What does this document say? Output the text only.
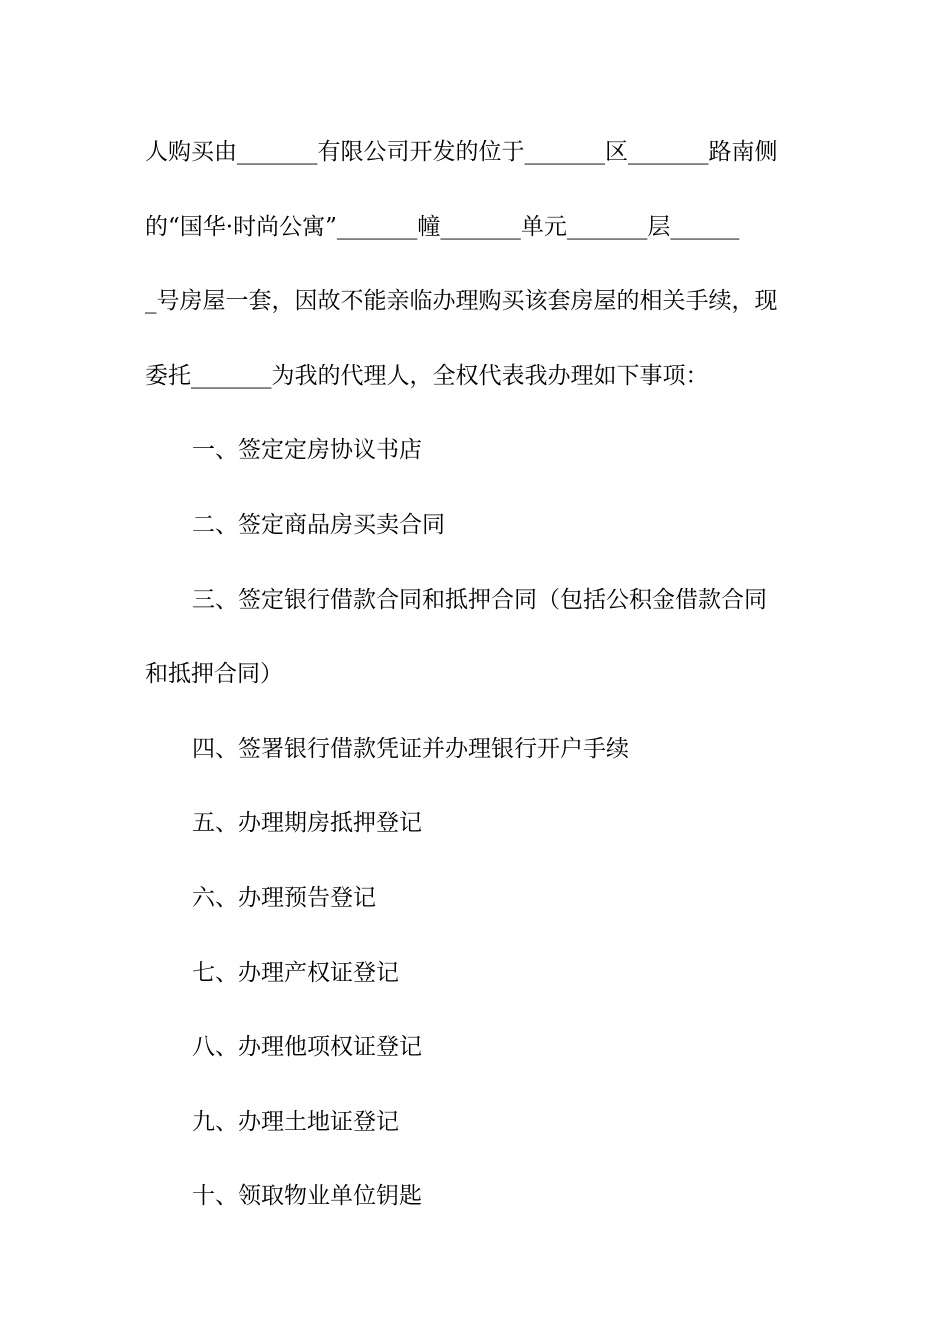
人购买由_______有限公司开发的位于_______区_______路南侧
的“国华·时尚公寓”_______幢_______单元_______层______
_号房屋一套，因故不能亲临办理购买该套房屋的相关手续，现
委托_______为我的代理人，全权代表我办理如下事项：
一、签定定房协议书店
二、签定商品房买卖合同
三、签定银行借款合同和抵押合同（包括公积金借款合同
和抵押合同）
四、签署银行借款凭证并办理银行开户手续
五、办理期房抵押登记
六、办理预告登记
七、办理产权证登记
八、办理他项权证登记
九、办理土地证登记
十、领取物业单位钥匙
